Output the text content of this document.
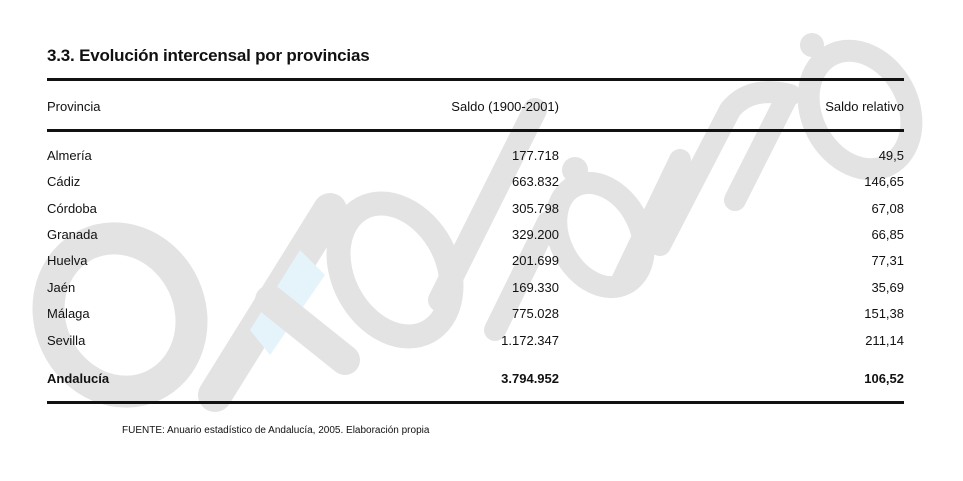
3.3. Evolución intercensal por provincias
Provincia	Saldo (1900-2001)	Saldo relativo
Almería	177.718	49,5
Cádiz	663.832	146,65
Córdoba	305.798	67,08
Granada	329.200	66,85
Huelva	201.699	77,31
Jaén	169.330	35,69
Málaga	775.028	151,38
Sevilla	1.172.347	211,14
Andalucía	3.794.952	106,52
FUENTE: Anuario estadístico de Andalucía, 2005. Elaboración propia
